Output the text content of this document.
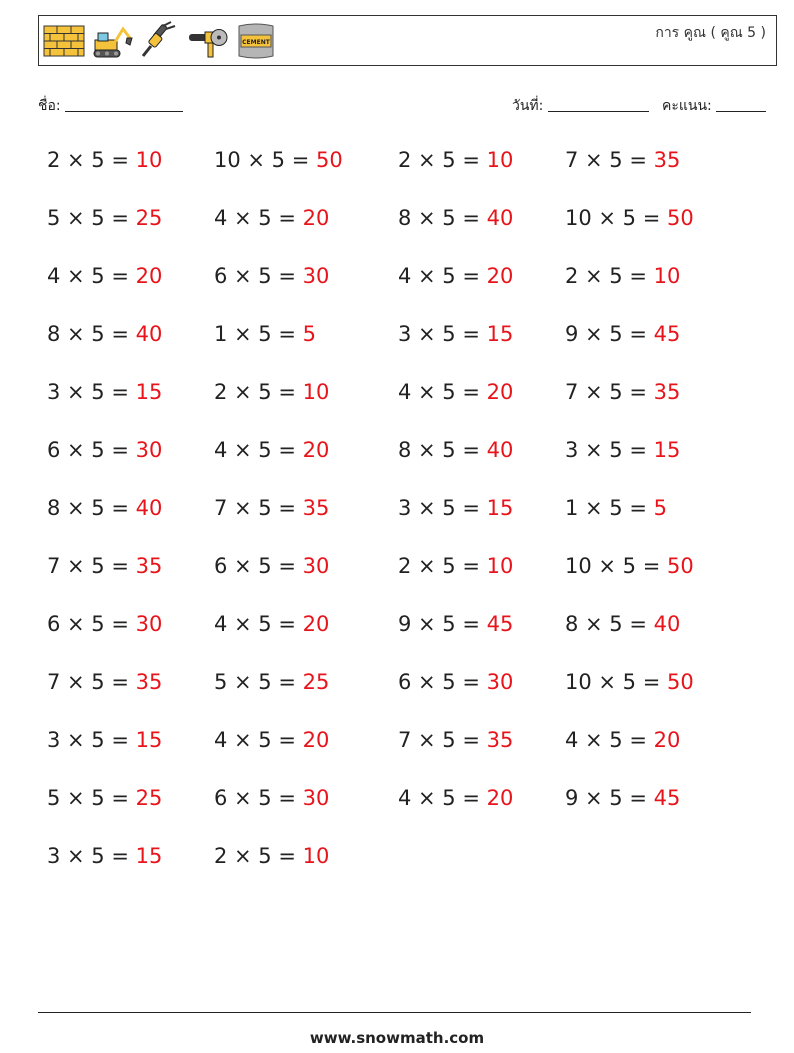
CEMENT
การ คูณ ( คูณ 5 )
ชื่อ:	วันที่:	คะแนน:
2 × 5 = 10 10 × 5 = 50	2 × 5 = 10 7 × 5 = 35
5 × 5 = 25 4 × 5 = 20	8 × 5 = 40 10 × 5 = 50
4 × 5 = 20 6 × 5 = 30	4 × 5 = 20 2 × 5 = 10
8 × 5 = 40 1 × 5 = 5	3 × 5 = 15 9 × 5 = 45
3 × 5 = 15 2 × 5 = 10	4 × 5 = 20 7 × 5 = 35
6 × 5 = 30 4 × 5 = 20	8 × 5 = 40 3 × 5 = 15
8 × 5 = 40 7 × 5 = 35	3 × 5 = 15 1 × 5 = 5
7 × 5 = 35 6 × 5 = 30	2 × 5 = 10 10 × 5 = 50
6 × 5 = 30 4 × 5 = 20	9 × 5 = 45 8 × 5 = 40
7 × 5 = 35 5 × 5 = 25	6 × 5 = 30 10 × 5 = 50
3 × 5 = 15 4 × 5 = 20	7 × 5 = 35 4 × 5 = 20
5 × 5 = 25 6 × 5 = 30	4 × 5 = 20 9 × 5 = 45
3 × 5 = 15 2 × 5 = 10
www.snowmath.com
